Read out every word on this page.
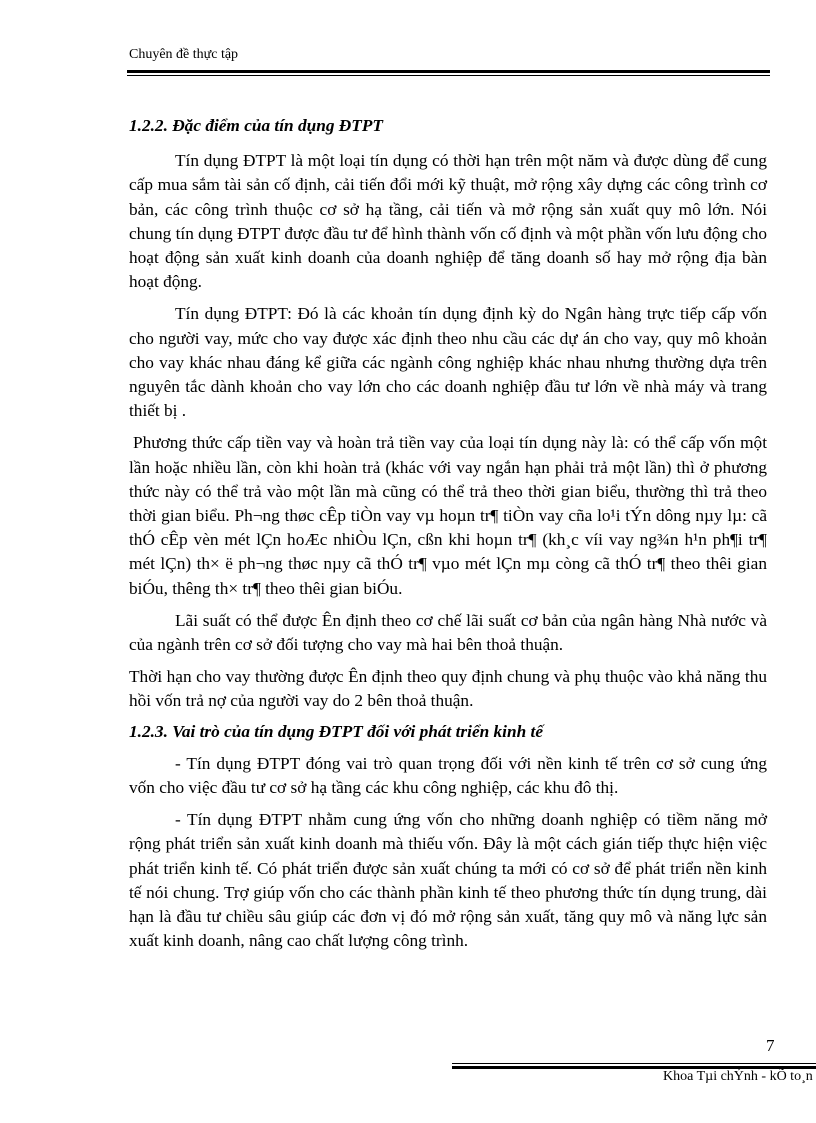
Chuyên đề thực tập
1.2.2. Đặc điểm của tín dụng ĐTPT

Tín dụng ĐTPT là một loại tín dụng có thời hạn trên một năm và được dùng để cung cấp mua sắm tài sản cố định, cải tiến đổi mới kỹ thuật, mở rộng xây dựng các công trình cơ bản, các công trình thuộc cơ sở hạ tầng, cải tiến và mở rộng sản xuất quy mô lớn. Nói chung tín dụng ĐTPT được đầu tư để hình thành vốn cố định và một phần vốn lưu động cho hoạt động sản xuất kinh doanh của doanh nghiệp để tăng doanh số hay mở rộng địa bàn hoạt động.

Tín dụng ĐTPT: Đó là các khoản tín dụng định kỳ do Ngân hàng trực tiếp cấp vốn cho người vay, mức cho vay được xác định theo nhu cầu các dự án cho vay, quy mô khoản cho vay khác nhau đáng kể giữa các ngành công nghiệp khác nhau nhưng thường dựa trên nguyên tắc dành khoản cho vay lớn cho các doanh nghiệp đầu tư lớn về nhà máy và trang thiết bị .

Phương thức cấp tiền vay và hoàn trả tiền vay của loại tín dụng này là: có thể cấp vốn một lần hoặc nhiều lần, còn khi hoàn trả (khác với vay ngắn hạn phải trả một lần) thì ở phương thức này có thể trả vào một lần mà cũng có thể trả theo thời gian biểu, thường thì trả theo thời gian biểu. Ph¬ng thøc cÊp tiÒn vay vµ hoµn tr¶ tiÒn vay cña lo¹i tÝn dông nµy lµ: cã thÓ cÊp vèn mét lÇn hoÆc nhiÒu lÇn, cßn khi hoµn tr¶ (kh¸c víi vay ng¾n h¹n ph¶i tr¶ mét lÇn) th× ë ph¬ng thøc nµy cã thÓ tr¶ vµo mét lÇn mµ còng cã thÓ tr¶ theo thêi gian biÓu, thêng th× tr¶ theo thêi gian biÓu.

Lãi suất có thể được Ên định theo cơ chế lãi suất cơ bản của ngân hàng Nhà nước và của ngành trên cơ sở đối tượng cho vay mà hai bên thoả thuận.

Thời hạn cho vay thường được Ên định theo quy định chung và phụ thuộc vào khả năng thu hồi vốn trả nợ của người vay do 2 bên thoả thuận.

1.2.3. Vai trò của tín dụng ĐTPT đối với phát triển kinh tế

- Tín dụng ĐTPT đóng vai trò quan trọng đối với nền kinh tế trên cơ sở cung ứng vốn cho việc đầu tư cơ sở hạ tầng các khu công nghiệp, các khu đô thị.

- Tín dụng ĐTPT nhằm cung ứng vốn cho những doanh nghiệp có tiềm năng mở rộng phát triển sản xuất kinh doanh mà thiếu vốn. Đây là một cách gián tiếp thực hiện việc phát triển kinh tế. Có phát triển được sản xuất chúng ta mới có cơ sở để phát triển nền kinh tế nói chung. Trợ giúp vốn cho các thành phần kinh tế theo phương thức tín dụng trung, dài hạn là đầu tư chiều sâu giúp các đơn vị đó mở rộng sản xuất, tăng quy mô và năng lực sản xuất kinh doanh, nâng cao chất lượng công trình.

7
Khoa Tµi chÝnh - kÕ to¸n
